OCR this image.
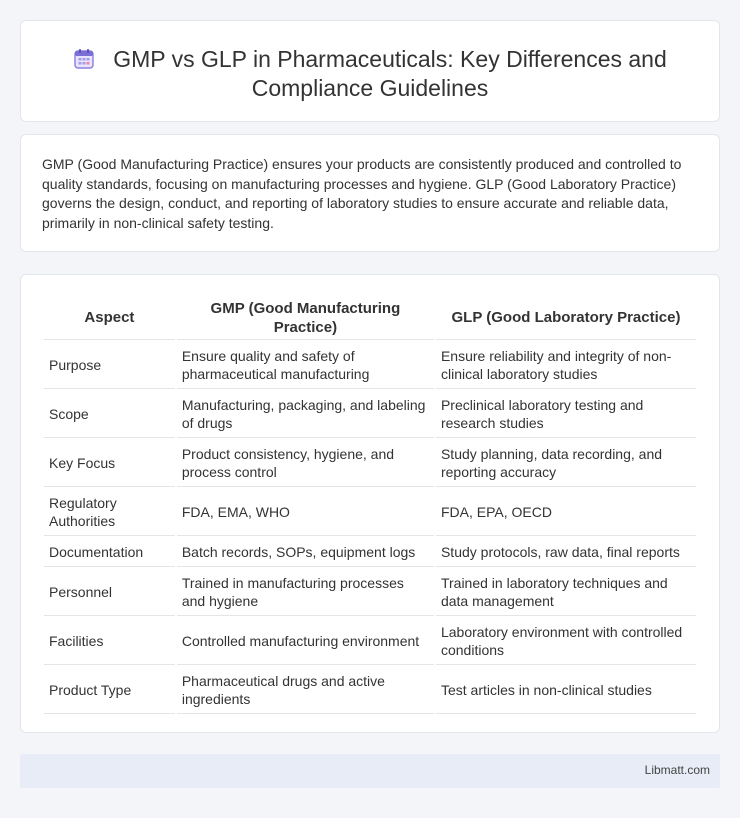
GMP vs GLP in Pharmaceuticals: Key Differences and
Compliance Guidelines

GMP (Good Manufacturing Practice) ensures your products are consistently produced and controlled to quality standards, focusing on manufacturing processes and hygiene. GLP (Good Laboratory Practice) governs the design, conduct, and reporting of laboratory studies to ensure accurate and reliable data, primarily in non-clinical safety testing.

Aspect	GMP (Good Manufacturing Practice)	GLP (Good Laboratory Practice)
Purpose	Ensure quality and safety of pharmaceutical manufacturing	Ensure reliability and integrity of non-clinical laboratory studies
Scope	Manufacturing, packaging, and labeling of drugs	Preclinical laboratory testing and research studies
Key Focus	Product consistency, hygiene, and process control	Study planning, data recording, and reporting accuracy
Regulatory Authorities	FDA, EMA, WHO	FDA, EPA, OECD
Documentation	Batch records, SOPs, equipment logs	Study protocols, raw data, final reports
Personnel	Trained in manufacturing processes and hygiene	Trained in laboratory techniques and data management
Facilities	Controlled manufacturing environment	Laboratory environment with controlled conditions
Product Type	Pharmaceutical drugs and active ingredients	Test articles in non-clinical studies
Libmatt.com
